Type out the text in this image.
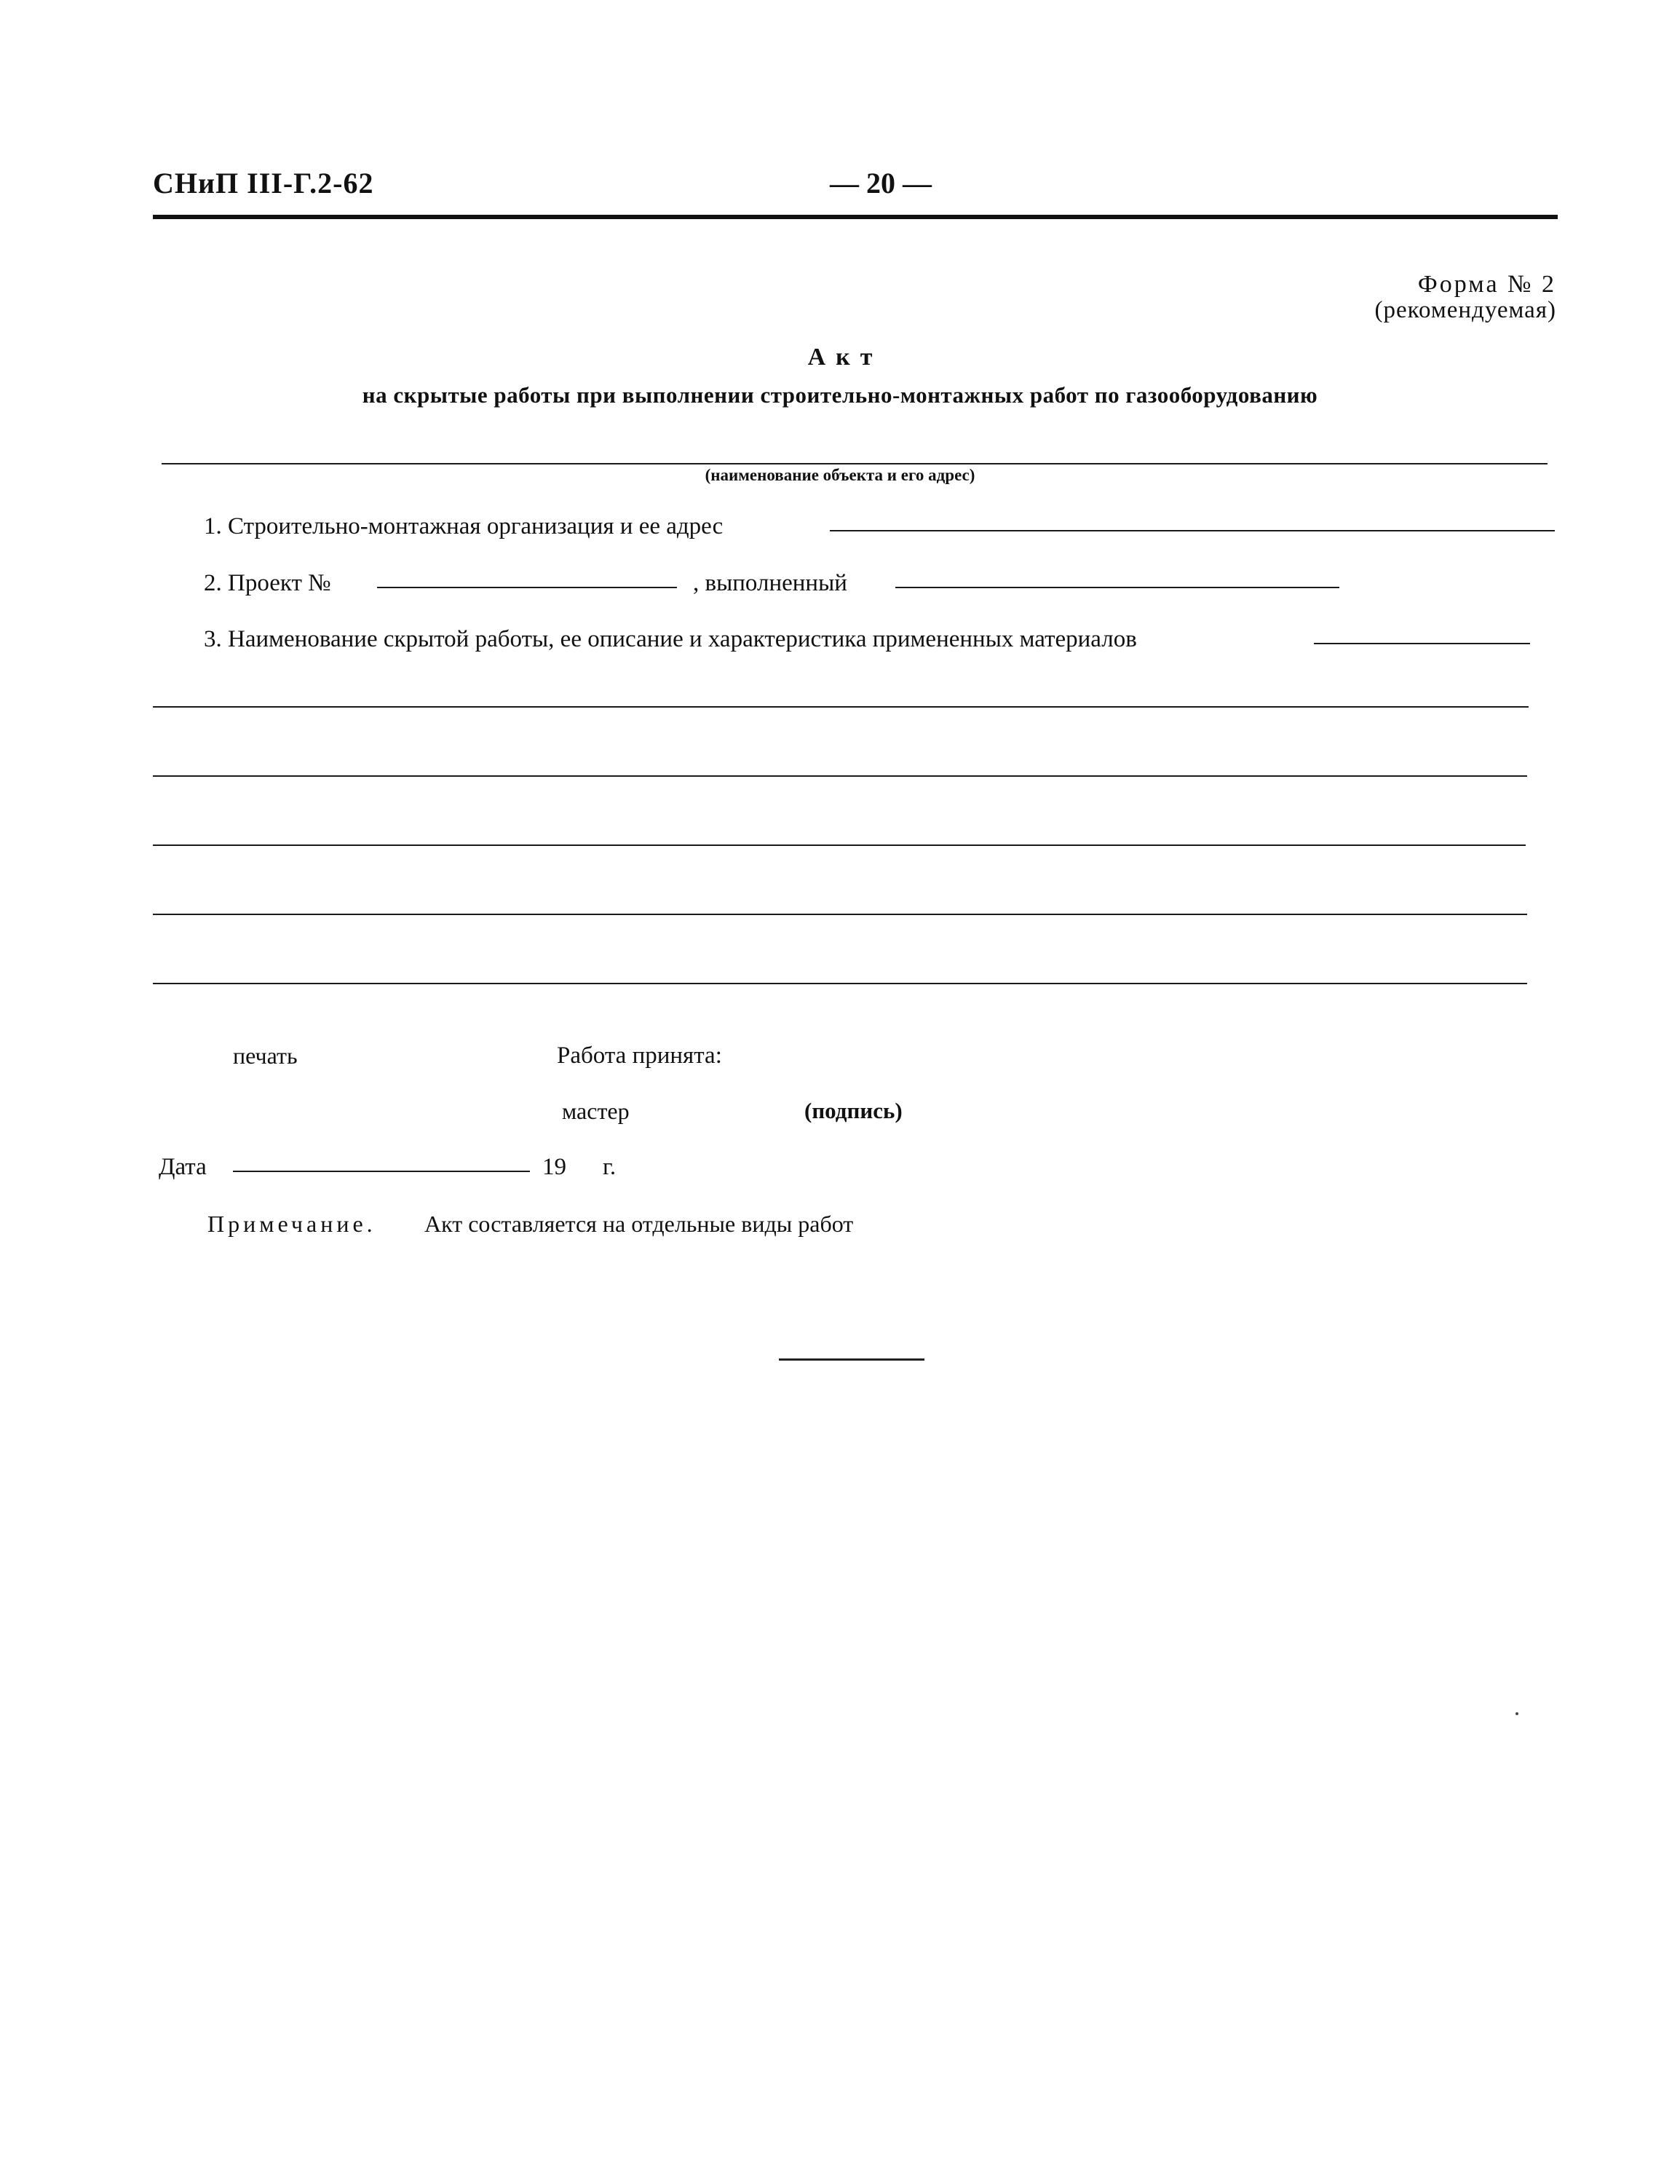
СНиП III-Г.2-62	— 20 —
Форма № 2
(рекомендуемая)
Акт
на скрытые работы при выполнении строительно-монтажных работ по газооборудованию
(наименование объекта и его адрес)
1. Строительно-монтажная организация и ее адрес
2. Проект №	, выполненный
3. Наименование скрытой работы, ее описание и характеристика примененных материалов
печать	Работа принята:
мастер	(подпись)
Дата	19 г.
Примечание. Акт составляется на отдельные виды работ
